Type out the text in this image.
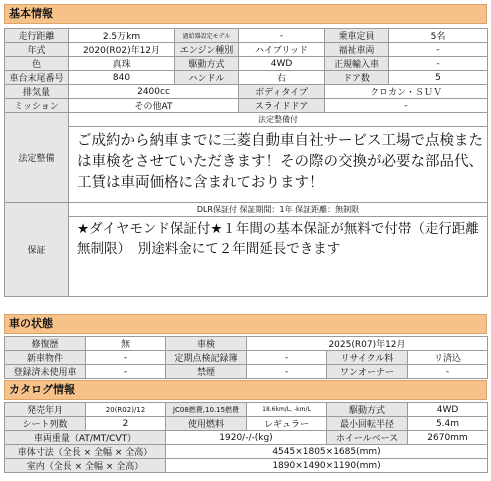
基本情報
走行距離	2.5万km	過給器設定モデル	-	乗車定員	5名
年式	2020(R02)年12月	エンジン種別	ハイブリッド	福祉車両	-
色	真珠	駆動方式	4WD	正規輸入車	-
車台末尾番号	840	ハンドル	右	ドア数	5
排気量	2400cc		ボディタイプ	クロカン・ＳＵＶ	
ミッション	その他AT		スライドドア	-	
法定整備	法定整備付
ご成約から納車までに三菱自動車自社サービス工場で点検または車検をさせていただきます！その際の交換が必要な部品代、工賃は車両価格に含まれております！				

保証	DLR保証付 保証期間：1年 保証距離：無制限
★ダイヤモンド保証付★１年間の基本保証が無料で付帯（走行距離無制限）　別途料金にて２年間延長できます				
車の状態
修復歴	無	車検	2025(R07)年12月		
新車物件	-	定期点検記録簿	-	リサイクル料	リ済込
登録済未使用車	-	禁煙	-	ワンオーナー	-
カタログ情報
発売年月	20(R02)/12	JC08燃費,10.15燃費	18.6km/L, -km/L	駆動方式	4WD
シート列数	2	使用燃料	レギュラー	最小回転半径	5.4m
車両重量（AT/MT/CVT）		1920/-/-(kg)		ホイールベース	2670mm
車体寸法（全長 × 全幅 × 全高）		4545×1805×1685(mm)			
室内（全長 × 全幅 × 全高）		1890×1490×1190(mm)			
